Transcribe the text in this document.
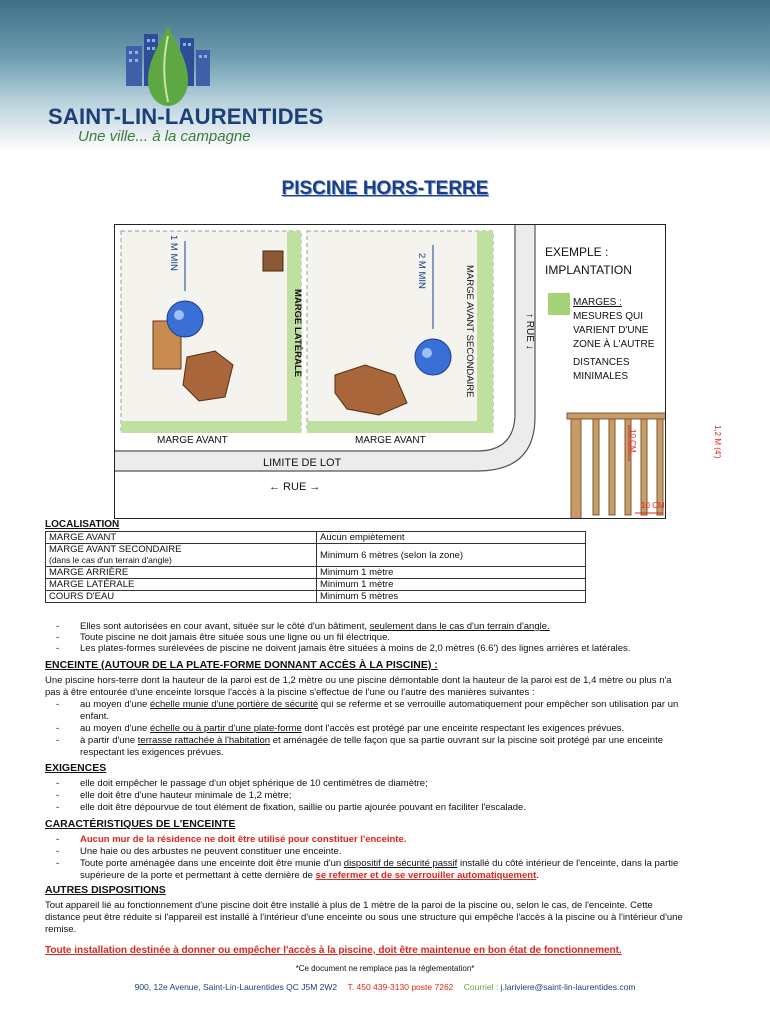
SAINT-LIN-LAURENTIDES
Une ville... à la campagne
PISCINE HORS-TERRE
EXEMPLE :
IMPLANTATION
MARGES :
MESURES QUI
VARIENT D'UNE
ZONE À L'AUTRE
DISTANCES
MINIMALES
1 M MIN
2 M MIN
MARGE LATÉRALE	MARGE AVANT SECONDAIRE	↑ RUE ↓
MARGE AVANT	MARGE AVANT
LIMITE DE LOT
← RUE →
10 CM	1,2 M (4')
10 CM
LOCALISATION
MARGE AVANT	Aucun empiètement

MARGE AVANT SECONDAIRE
(dans le cas d'un terrain d'angle)	Minimum 6 mètres (selon la zone)
MARGE ARRIÈRE	Minimum 1 mètre
MARGE LATÉRALE	Minimum 1 mètre
COURS D'EAU	Minimum 5 mètres
- Elles sont autorisées en cour avant, située sur le côté d'un bâtiment, seulement dans le cas d'un terrain d'angle.
- Toute piscine ne doit jamais être située sous une ligne ou un fil électrique.
- Les plates-formes surélevées de piscine ne doivent jamais être situées à moins de 2,0 mètres (6.6') des lignes arrières et latérales.
ENCEINTE (AUTOUR DE LA PLATE-FORME DONNANT ACCÈS À LA PISCINE) :
Une piscine hors-terre dont la hauteur de la paroi est de 1,2 mètre ou une piscine démontable dont la hauteur de la paroi est de 1,4 mètre ou plus n'a
pas à être entourée d'une enceinte lorsque l'accès à la piscine s'effectue de l'une ou l'autre des manières suivantes :
- au moyen d'une échelle munie d'une portière de sécurité qui se referme et se verrouille automatiquement pour empêcher son utilisation par un
enfant.
- au moyen d'une échelle ou à partir d'une plate-forme dont l'accès est protégé par une enceinte respectant les exigences prévues.
- à partir d'une terrasse rattachée à l'habitation et aménagée de telle façon que sa partie ouvrant sur la piscine soit protégé par une enceinte
respectant les exigences prévues.
EXIGENCES
- elle doit empêcher le passage d'un objet sphérique de 10 centimètres de diamètre;
- elle doit être d'une hauteur minimale de 1,2 mètre;
- elle doit être dépourvue de tout élément de fixation, saillie ou partie ajourée pouvant en faciliter l'escalade.
CARACTÉRISTIQUES DE L'ENCEINTE
- Aucun mur de la résidence ne doit être utilisé pour constituer l'enceinte.
- Une haie ou des arbustes ne peuvent constituer une enceinte.
- Toute porte aménagée dans une enceinte doit être munie d'un dispositif de sécurité passif installé du côté intérieur de l'enceinte, dans la partie
supérieure de la porte et permettant à cette dernière de se refermer et de se verrouiller automatiquement.
AUTRES DISPOSITIONS
Tout appareil lié au fonctionnement d'une piscine doit être installé à plus de 1 mètre de la paroi de la piscine ou, selon le cas, de l'enceinte. Cette
distance peut être réduite si l'appareil est installé à l'intérieur d'une enceinte ou sous une structure qui empêche l'accès à la piscine ou à l'intérieur d'une
remise.
Toute installation destinée à donner ou empêcher l'accès à la piscine, doit être maintenue en bon état de fonctionnement.
*Ce document ne remplace pas la réglementation*
900, 12e Avenue, Saint-Lin-Laurentides QC J5M 2W2 T. 450 439-3130 poste 7262 Courriel : j.lariviere@saint-lin-laurentides.com
